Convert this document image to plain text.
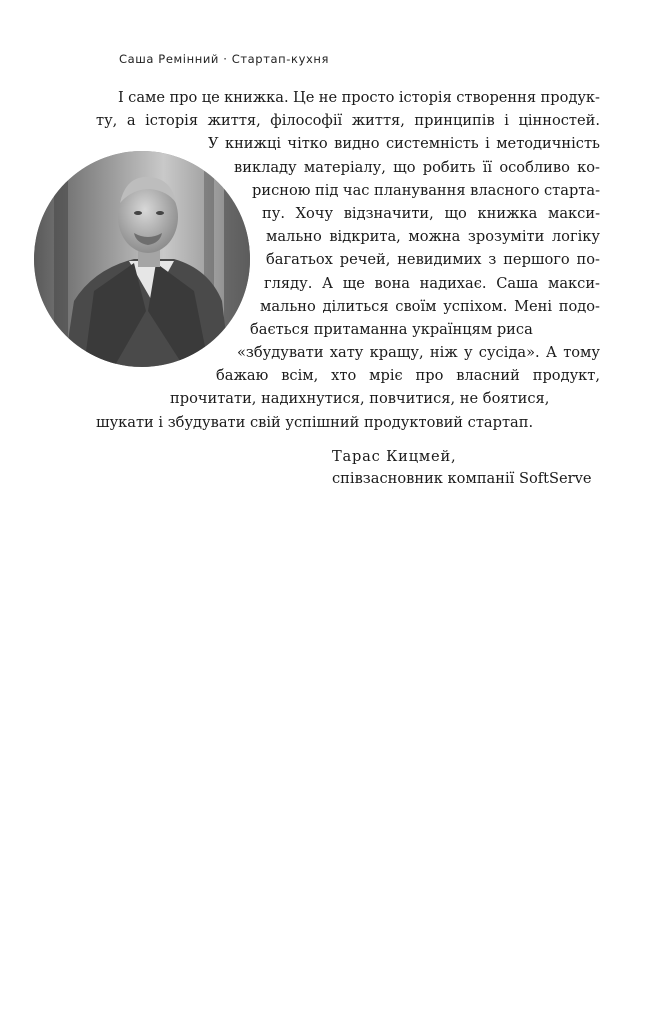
Саша Ремінний · Стартап-кухня
І саме про це книжка. Це не просто історія створення продук-
ту, а історія життя, філософії життя, принципів і цінностей.
У книжці чітко видно системність і методичність
викладу матеріалу, що робить її особливо ко-
рисною під час планування власного старта-
пу. Хочу відзначити, що книжка макси-
мально відкрита, можна зрозуміти логіку
багатьох речей, невидимих з першого по-
гляду. А ще вона надихає. Саша макси-
мально ділиться своїм успіхом. Мені подо-
бається притаманна українцям риса
«збудувати хату кращу, ніж у сусіда». А тому
бажаю всім, хто мріє про власний продукт,
прочитати, надихнутися, повчитися, не боятися,
шукати і збудувати свій успішний продуктовий стартап.
Тарас Кицмей,
співзасновник компанії SoftServe
